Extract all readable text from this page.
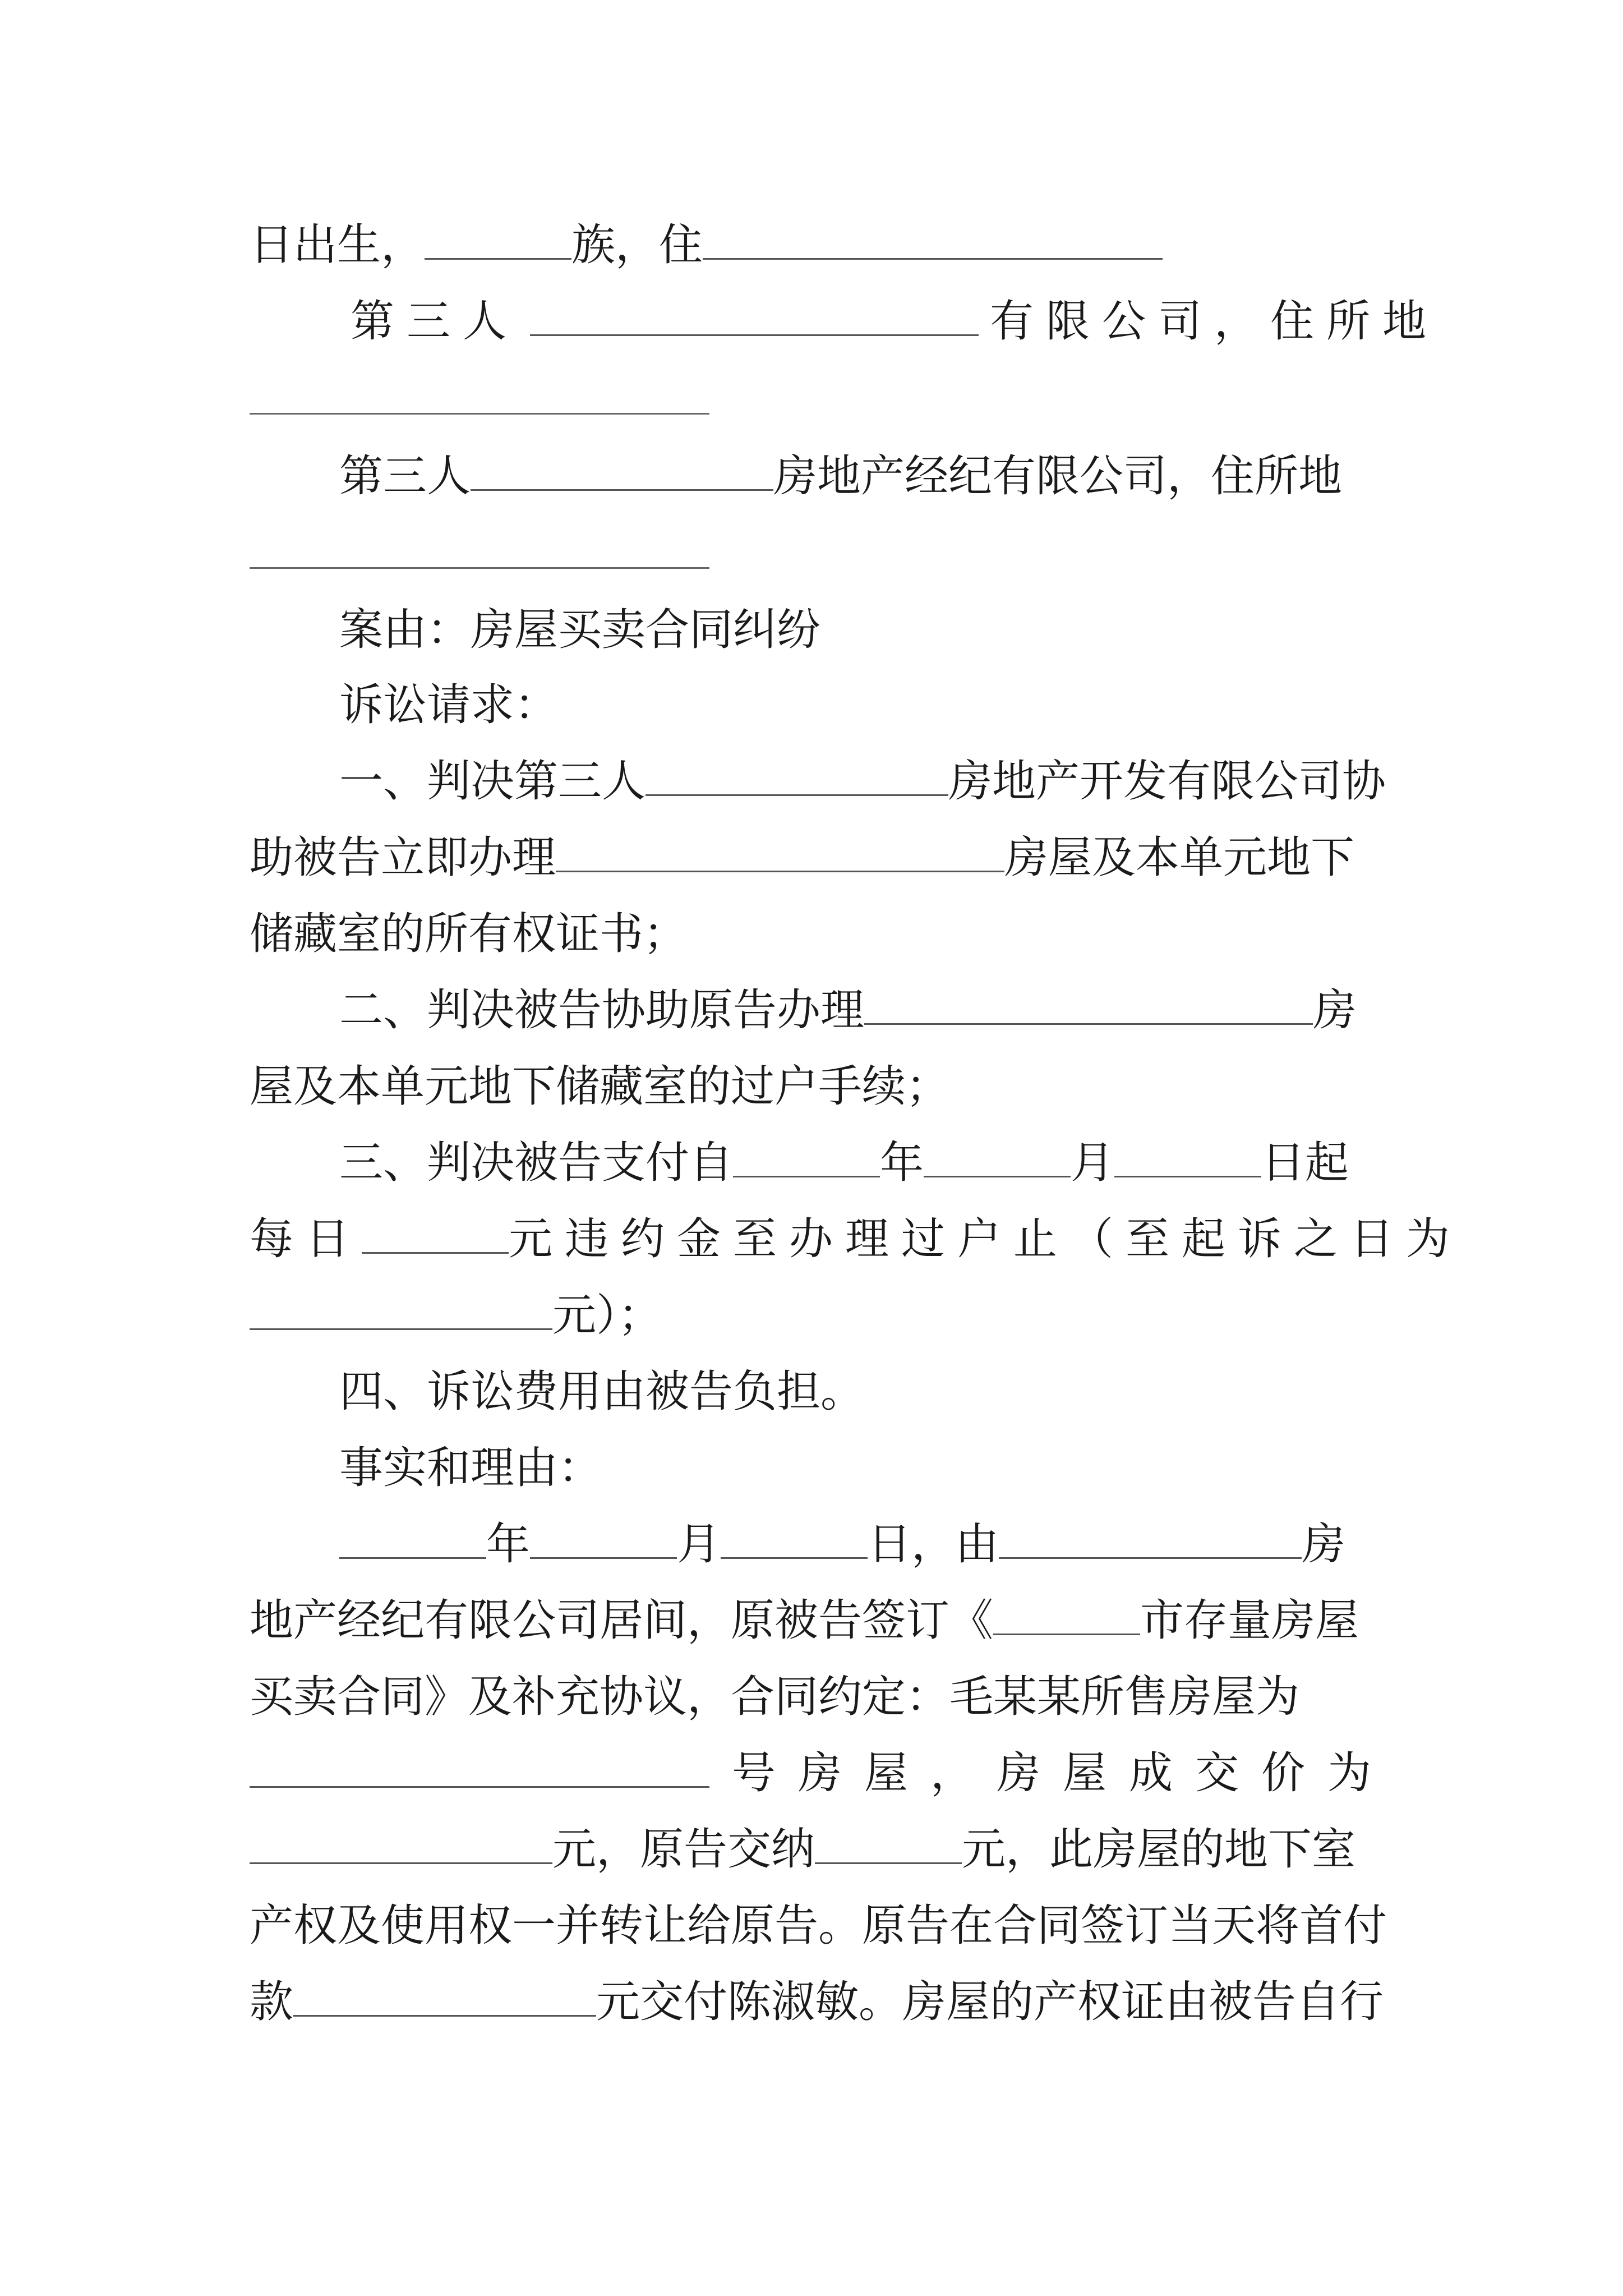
日出生，	族，住
第三人	有限公司，住所地
第三人	房地产经纪有限公司，住所地
案由：房屋买卖合同纠纷
诉讼请求：
一、判决第三人	房地产开发有限公司协
助被告立即办理	房屋及本单元地下
储藏室的所有权证书；
二、判决被告协助原告办理	房
屋及本单元地下储藏室的过户手续；
三、判决被告支付自	年	月	日起
每日	元违约金至办理过户止（至起诉之日为
元）；
四、诉讼费用由被告负担。
事实和理由：
年	月	日，由	房
地产经纪有限公司居间，原被告签订《	市存量房屋
买卖合同》及补充协议，合同约定：毛某某所售房屋为
号房屋，房屋成交价为
元，原告交纳	元，此房屋的地下室
产权及使用权一并转让给原告。原告在合同签订当天将首付
款	元交付陈淑敏。房屋的产权证由被告自行
